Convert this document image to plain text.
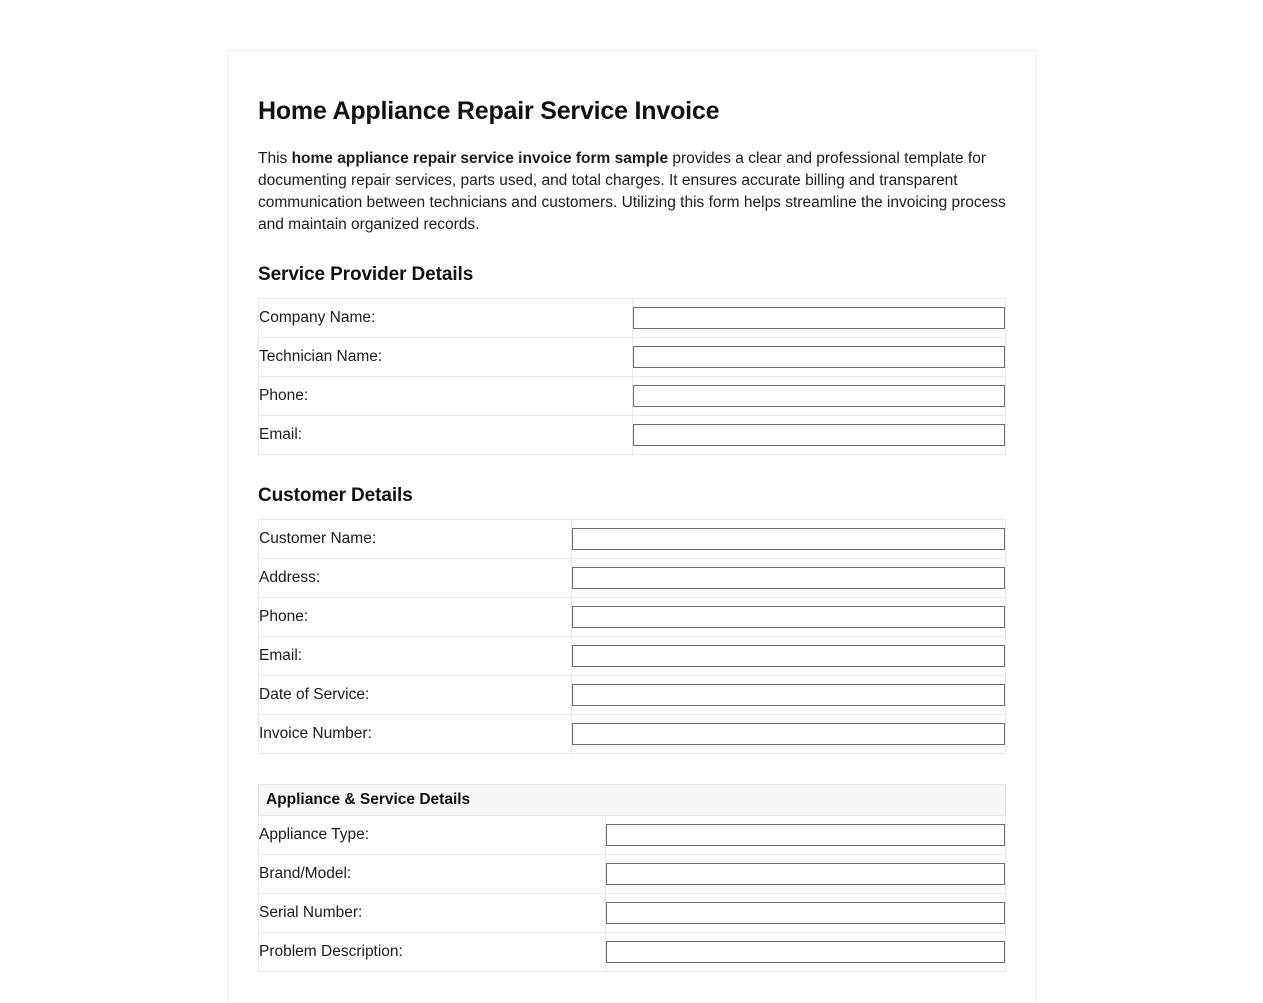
Home Appliance Repair Service Invoice

This home appliance repair service invoice form sample provides a clear and professional template for documenting repair services, parts used, and total charges. It ensures accurate billing and transparent communication between technicians and customers. Utilizing this form helps streamline the invoicing process and maintain organized records.

Service Provider Details
Company Name:	

Technician Name:	

Phone:	

Email:	
Customer Details
Customer Name:	

Address:	

Phone:	

Email:	

Date of Service:	

Invoice Number:	
Appliance & Service Details	
Appliance Type:	

Brand/Model:	

Serial Number:	

Problem Description:	
